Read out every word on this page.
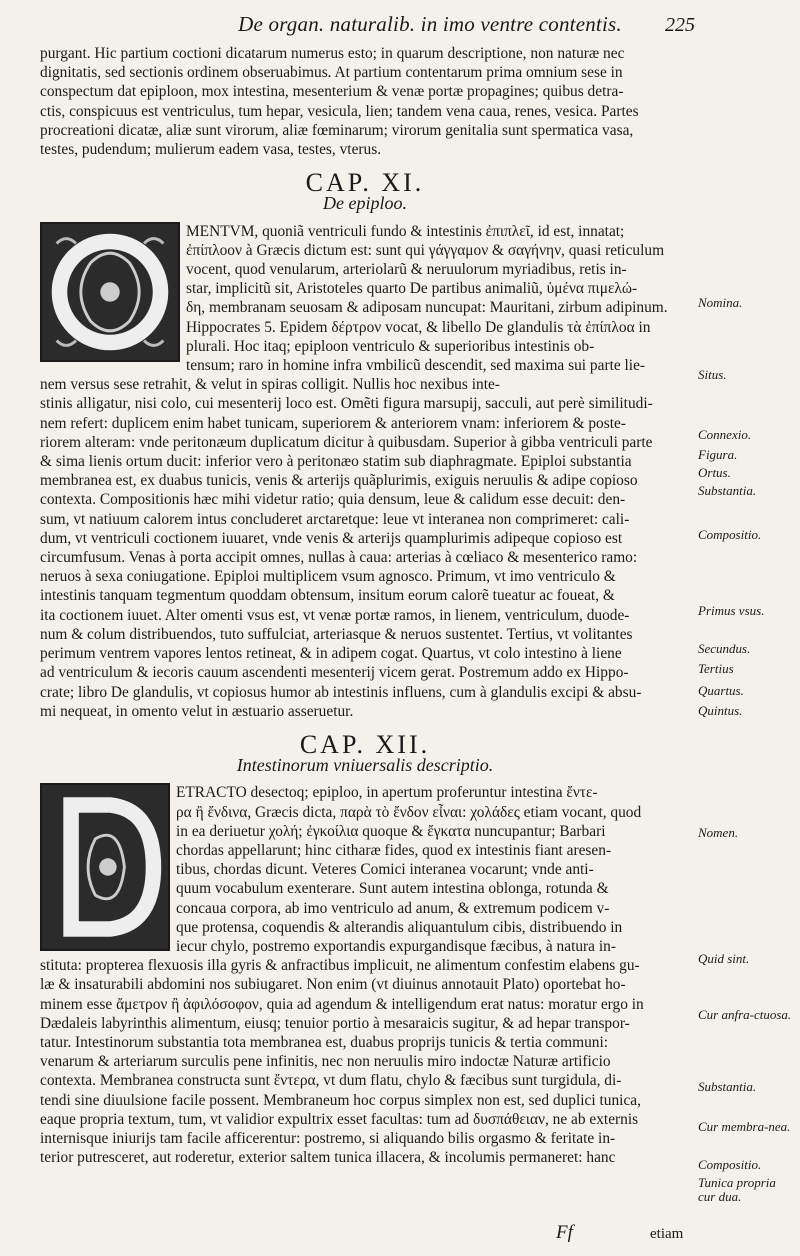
De organ. naturalib. in imo ventre contentis.	225

purgant. Hic partium coctioni dicatarum numerus esto; in quarum descriptione, non naturæ nec
dignitatis, sed sectionis ordinem obseruabimus. At partium contentarum prima omnium sese in
conspectum dat epiploon, mox intestina, mesenterium & venæ portæ propagines; quibus detra-
ctis, conspicuus est ventriculus, tum hepar, vesicula, lien; tandem vena caua, renes, vesica. Partes
procreationi dicatæ, aliæ sunt virorum, aliæ fœminarum; virorum genitalia sunt spermatica vasa,
testes, pudendum; mulierum eadem vasa, testes, vterus.

CAP. XI.
De epiploo.
MENTVM, quoniã ventriculi fundo & intestinis ἐπιπλεῖ, id est, innatat;
ἐπίπλοον à Græcis dictum est: sunt qui γάγγαμον & σαγήνην, quasi reticulum
vocent, quod venularum, arteriolarũ & neruulorum myriadibus, retis in-
star, implicitũ sit, Aristoteles quarto De partibus animaliũ, ὑμένα πιμελώ-
δη, membranam seuosam & adiposam nuncupat: Mauritani, zirbum adipinum.
Hippocrates 5. Epidem δέρτρον vocat, & libello De glandulis τὰ ἐπίπλοα in
plurali. Hoc itaq; epiploon ventriculo & superioribus intestinis ob-
tensum; raro in homine infra vmbilicũ descendit, sed maxima sui parte lie-

nem versus sese retrahit, & velut in spiras colligit. Nullis hoc nexibus inte-
stinis alligatur, nisi colo, cui mesenterij loco est. Omẽti figura marsupij, sacculi, aut perè similitudi-
nem refert: duplicem enim habet tunicam, superiorem & anteriorem vnam: inferiorem & poste-
riorem alteram: vnde peritonæum duplicatum dicitur à quibusdam. Superior à gibba ventriculi parte
& sima lienis ortum ducit: inferior vero à peritonæo statim sub diaphragmate. Epiploi substantia
membranea est, ex duabus tunicis, venis & arterijs quãplurimis, exiguis neruulis & adipe copioso
contexta. Compositionis hæc mihi videtur ratio; quia densum, leue & calidum esse decuit: den-
sum, vt natiuum calorem intus concluderet arctaretque: leue vt interanea non comprimeret: cali-
dum, vt ventriculi coctionem iuuaret, vnde venis & arterijs quamplurimis adipeque copioso est
circumfusum. Venas à porta accipit omnes, nullas à caua: arterias à cœliaco & mesenterico ramo:
neruos à sexa coniugatione. Epiploi multiplicem vsum agnosco. Primum, vt imo ventriculo &
intestinis tanquam tegmentum quoddam obtensum, insitum eorum calorẽ tueatur ac foueat, &
ita coctionem iuuet. Alter omenti vsus est, vt venæ portæ ramos, in lienem, ventriculum, duode-
num & colum distribuendos, tuto suffulciat, arteriasque & neruos sustentet. Tertius, vt volitantes
perimum ventrem vapores lentos retineat, & in adipem cogat. Quartus, vt colo intestino à liene
ad ventriculum & iecoris cauum ascendenti mesenterij vicem gerat. Postremum addo ex Hippo-
crate; libro De glandulis, vt copiosus humor ab intestinis influens, cum à glandulis excipi & absu-
mi nequeat, in omento velut in æstuario asseruetur.

CAP. XII.
Intestinorum vniuersalis descriptio.
ETRACTO desectoq; epiploo, in apertum proferuntur intestina ἔντε-
ρα ἢ ἔνδινα, Græcis dicta, παρὰ τὸ ἔνδον εἶναι: χολάδες etiam vocant, quod
in ea deriuetur χολή; ἐγκοίλια quoque & ἔγκατα nuncupantur; Barbari
chordas appellarunt; hinc citharæ fides, quod ex intestinis fiant aresen-
tibus, chordas dicunt. Veteres Comici interanea vocarunt; vnde anti-
quum vocabulum exenterare. Sunt autem intestina oblonga, rotunda &
concaua corpora, ab imo ventriculo ad anum, & extremum podicem v-
que protensa, coquendis & alterandis aliquantulum cibis, distribuendo in
iecur chylo, postremo exportandis expurgandisque fæcibus, à natura in-

stituta: propterea flexuosis illa gyris & anfractibus implicuit, ne alimentum confestim elabens gu-
læ & insaturabili abdomini nos subiugaret. Non enim (vt diuinus annotauit Plato) oportebat ho-
minem esse ἄμετρον ἢ ἀφιλόσοφον, quia ad agendum & intelligendum erat natus: moratur ergo in
Dædaleis labyrinthis alimentum, eiusq; tenuior portio à mesaraicis sugitur, & ad hepar transpor-
tatur. Intestinorum substantia tota membranea est, duabus proprijs tunicis & tertia communi:
venarum & arteriarum surculis pene infinitis, nec non neruulis miro indoctæ Naturæ artificio
contexta. Membranea constructa sunt ἔντερα, vt dum flatu, chylo & fæcibus sunt turgidula, di-
tendi sine diuulsione facile possent. Membraneum hoc corpus simplex non est, sed duplici tunica,
eaque propria textum, tum, vt validior expultrix esset facultas: tum ad δυσπάθειαν, ne ab externis
internisque iniurijs tam facile afficerentur: postremo, si aliquando bilis orgasmo & feritate in-
terior putresceret, aut roderetur, exterior saltem tunica illacera, & incolumis permaneret: hanc

Nomina.
Situs.
Connexio.
Figura.
Ortus.
Substantia.
Compositio.
Primus vsus.
Secundus.
Tertius
Quartus.
Quintus.
Nomen.
Quid sint.
Cur anfra-ctuosa.
Substantia.
Cur membra-nea.
Compositio.
Tunica propria cur dua.
Ff	etiam
